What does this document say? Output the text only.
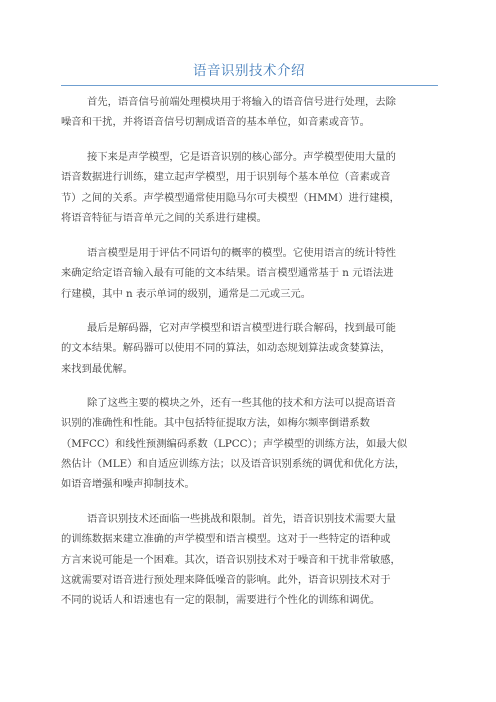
语音识别技术介绍

首先，语音信号前端处理模块用于将输入的语音信号进行处理，去除
噪音和干扰，并将语音信号切割成语音的基本单位，如音素或音节。

接下来是声学模型，它是语音识别的核心部分。声学模型使用大量的
语音数据进行训练，建立起声学模型，用于识别每个基本单位（音素或音
节）之间的关系。声学模型通常使用隐马尔可夫模型（HMM）进行建模，
将语音特征与语音单元之间的关系进行建模。

语言模型是用于评估不同语句的概率的模型。它使用语言的统计特性
来确定给定语音输入最有可能的文本结果。语言模型通常基于 n 元语法进
行建模，其中 n 表示单词的级别，通常是二元或三元。

最后是解码器，它对声学模型和语言模型进行联合解码，找到最可能
的文本结果。解码器可以使用不同的算法，如动态规划算法或贪婪算法，
来找到最优解。

除了这些主要的模块之外，还有一些其他的技术和方法可以提高语音
识别的准确性和性能。其中包括特征提取方法，如梅尔频率倒谱系数
（MFCC）和线性预测编码系数（LPCC）；声学模型的训练方法，如最大似
然估计（MLE）和自适应训练方法；以及语音识别系统的调优和优化方法，
如语音增强和噪声抑制技术。

语音识别技术还面临一些挑战和限制。首先，语音识别技术需要大量
的训练数据来建立准确的声学模型和语言模型。这对于一些特定的语种或
方言来说可能是一个困难。其次，语音识别技术对于噪音和干扰非常敏感，
这就需要对语音进行预处理来降低噪音的影响。此外，语音识别技术对于
不同的说话人和语速也有一定的限制，需要进行个性化的训练和调优。
